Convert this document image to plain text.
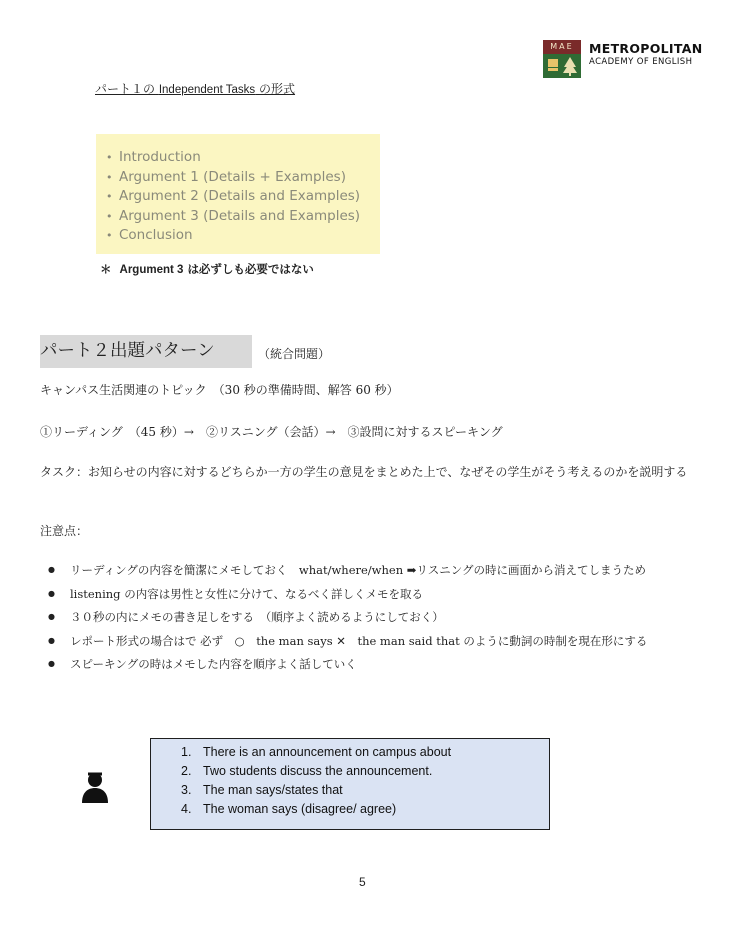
MAE	METROPOLITAN
ACADEMY OF ENGLISH
パート１の Independent Tasks の形式
• Introduction
• Argument 1 (Details + Examples)
• Argument 2 (Details and Examples)
• Argument 3 (Details and Examples)
• Conclusion
＊ Argument 3 は必ずしも必要ではない
パート２出題パターン	（統合問題）
キャンパス生活関連のトピック　（30 秒の準備時間、解答 60 秒）
①リーディング　（45 秒）→　②リスニング（会話）→　③設問に対するスピーキング
タスク：お知らせの内容に対するどちらか一方の学生の意見をまとめた上で、なぜその学生がそう考えるのかを説明する
注意点：
● リーディングの内容を簡潔にメモしておく　what/where/when ➡リスニングの時に画面から消えてしまうため
● listening の内容は男性と女性に分けて、なるべく詳しくメモを取る
● ３０秒の内にメモの書き足しをする　（順序よく読めるようにしておく）
● レポート形式の場合はで 必ず　○　the man says ✕　the man said that のように動詞の時制を現在形にする
● スピーキングの時はメモした内容を順序よく話していく
1. There is an announcement on campus about
2. Two students discuss the announcement.
3. The man says/states that
4. The woman says (disagree/ agree)
5
